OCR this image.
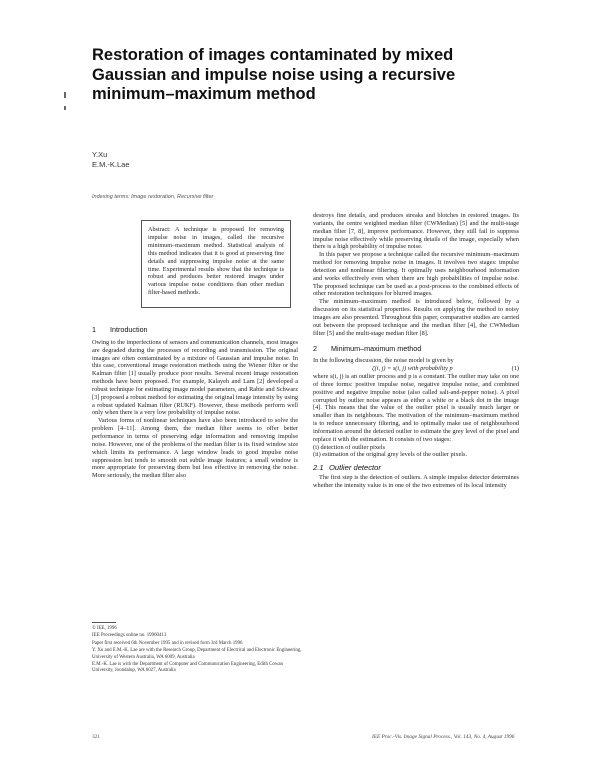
Restoration of images contaminated by mixed Gaussian and impulse noise using a recursive minimum–maximum method
Y.Xu
E.M.-K.Lae
Indexing terms: Image restoration, Recursive filter
Abstract: A technique is proposed for removing impulse noise in images, called the recursive minimum–maximum method. Statistical analysis of this method indicates that it is good at preserving fine details and suppressing impulse noise at the same time. Experimental results show that the technique is robust and produces better restored images under various impulse noise conditions than other median filter-based methods.
1 Introduction

Owing to the imperfections of sensors and communication channels, most images are degraded during the processes of recording and transmission. The original images are often contaminated by a mixture of Gaussian and impulse noise. In this case, conventional image restoration methods using the Wiener filter or the Kalman filter [1] usually produce poor results. Several recent image restoration methods have been proposed. For example, Kalayeh and Lam [2] developed a robust technique for estimating image model parameters, and Rabie and Schwarz [3] proposed a robust method for estimating the original image intensity by using a robust updated Kalman filter (RUKF). However, these methods perform well only when there is a very low probability of impulse noise.

Various forms of nonlinear techniques have also been introduced to solve the problem [4–11]. Among them, the median filter seems to offer better performance in terms of preserving edge information and removing impulse noise. However, one of the problems of the median filter is its fixed window size which limits its performance. A large window leads to good impulse noise suppression but tends to smooth out subtle image features; a small window is more appropriate for preserving them but less effective in removing the noise. More seriously, the median filter also

destroys fine details, and produces streaks and blotches in restored images. Its variants, the centre weighted median filter (CWMedian) [5] and the multi-stage median filter [7, 8], improve performance. However, they still fail to suppress impulse noise effectively while preserving details of the image, especially when there is a high probability of impulse noise.

In this paper we propose a technique called the recursive minimum–maximum method for removing impulse noise in images. It involves two stages: impulse detection and nonlinear filtering. It optimally uses neighbourhood information and works effectively even when there are high probabilities of impulse noise. The proposed technique can be used as a post-process to the combined effects of other restoration techniques for blurred images.

The minimum–maximum method is introduced below, followed by a discussion on its statistical properties. Results on applying the method to noisy images are also presented. Throughout this paper, comparative studies are carried out between the proposed technique and the median filter [4], the CWMedian filter [5] and the multi-stage median filter [8].

2 Minimum–maximum method

In the following discussion, the noise model is given by

ζ(i, j) = s(i, j) with probability p	(1)

where s(i, j) is an outlier process and p is a constant. The outlier may take on one of three forms: positive impulse noise, negative impulse noise, and combined positive and negative impulse noise (also called salt-and-pepper noise). A pixel corrupted by outlier noise appears as either a white or a black dot in the image [4]. This means that the value of the outlier pixel is usually much larger or smaller than its neighbours. The motivation of the minimum–maximum method is to reduce unnecessary filtering, and to optimally make use of neighbourhood information around the detected outlier to estimate the grey level of the pixel and replace it with the estimation. It consists of two stages:

(i) detection of outlier pixels

(ii) estimation of the original grey levels of the outlier pixels.

2.1 Outlier detector

The first step is the detection of outliers. A simple impulse detector determines whether the intensity value is in one of the two extremes of its local intensity

© IEE, 1996
IEE Proceedings online no. 19960413
Paper first received 6th November 1995 and in revised form 3rd March 1996
Y. Xu and E.M.-K. Lae are with the Research Group, Department of Electrical and Electronic Engineering, University of Western Australia, WA 6009, Australia
E.M.-K. Lae is with the Department of Computer and Communication Engineering, Edith Cowan University, Joondalup, WA 6027, Australia
321	IEE Proc.-Vis. Image Signal Process., Vol. 143, No. 4, August 1996
